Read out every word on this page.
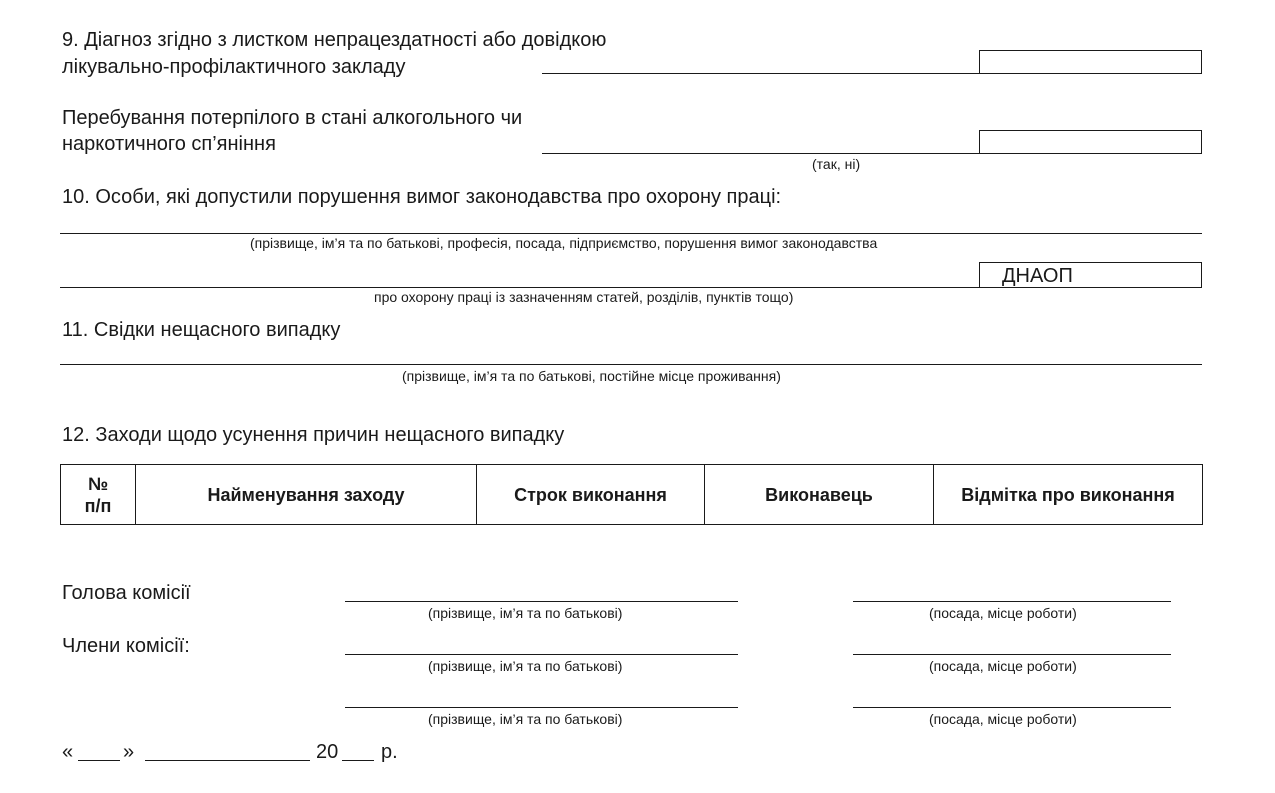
9. Діагноз згідно з листком непрацездатності або довідкою
лікувально-профілактичного закладу
Перебування потерпілого в стані алкогольного чи
наркотичного сп’яніння
(так, ні)
10. Особи, які допустили порушення вимог законодавства про охорону праці:
(прізвище, ім’я та по батькові, професія, посада, підприємство, порушення вимог законодавства
ДНАОП
про охорону праці із зазначенням статей, розділів, пунктів тощо)
11. Свідки нещасного випадку
(прізвище, ім’я та по батькові, постійне місце проживання)
12. Заходи щодо усунення причин нещасного випадку
№
п/п
	Найменування заходу	Строк виконання	Виконавець	Відмітка про виконання
Голова комісії
(прізвище, ім’я та по батькові)	(посада, місце роботи)
Члени комісії:
(прізвище, ім’я та по батькові)	(посада, місце роботи)
(прізвище, ім’я та по батькові)	(посада, місце роботи)
« »	20 р.
